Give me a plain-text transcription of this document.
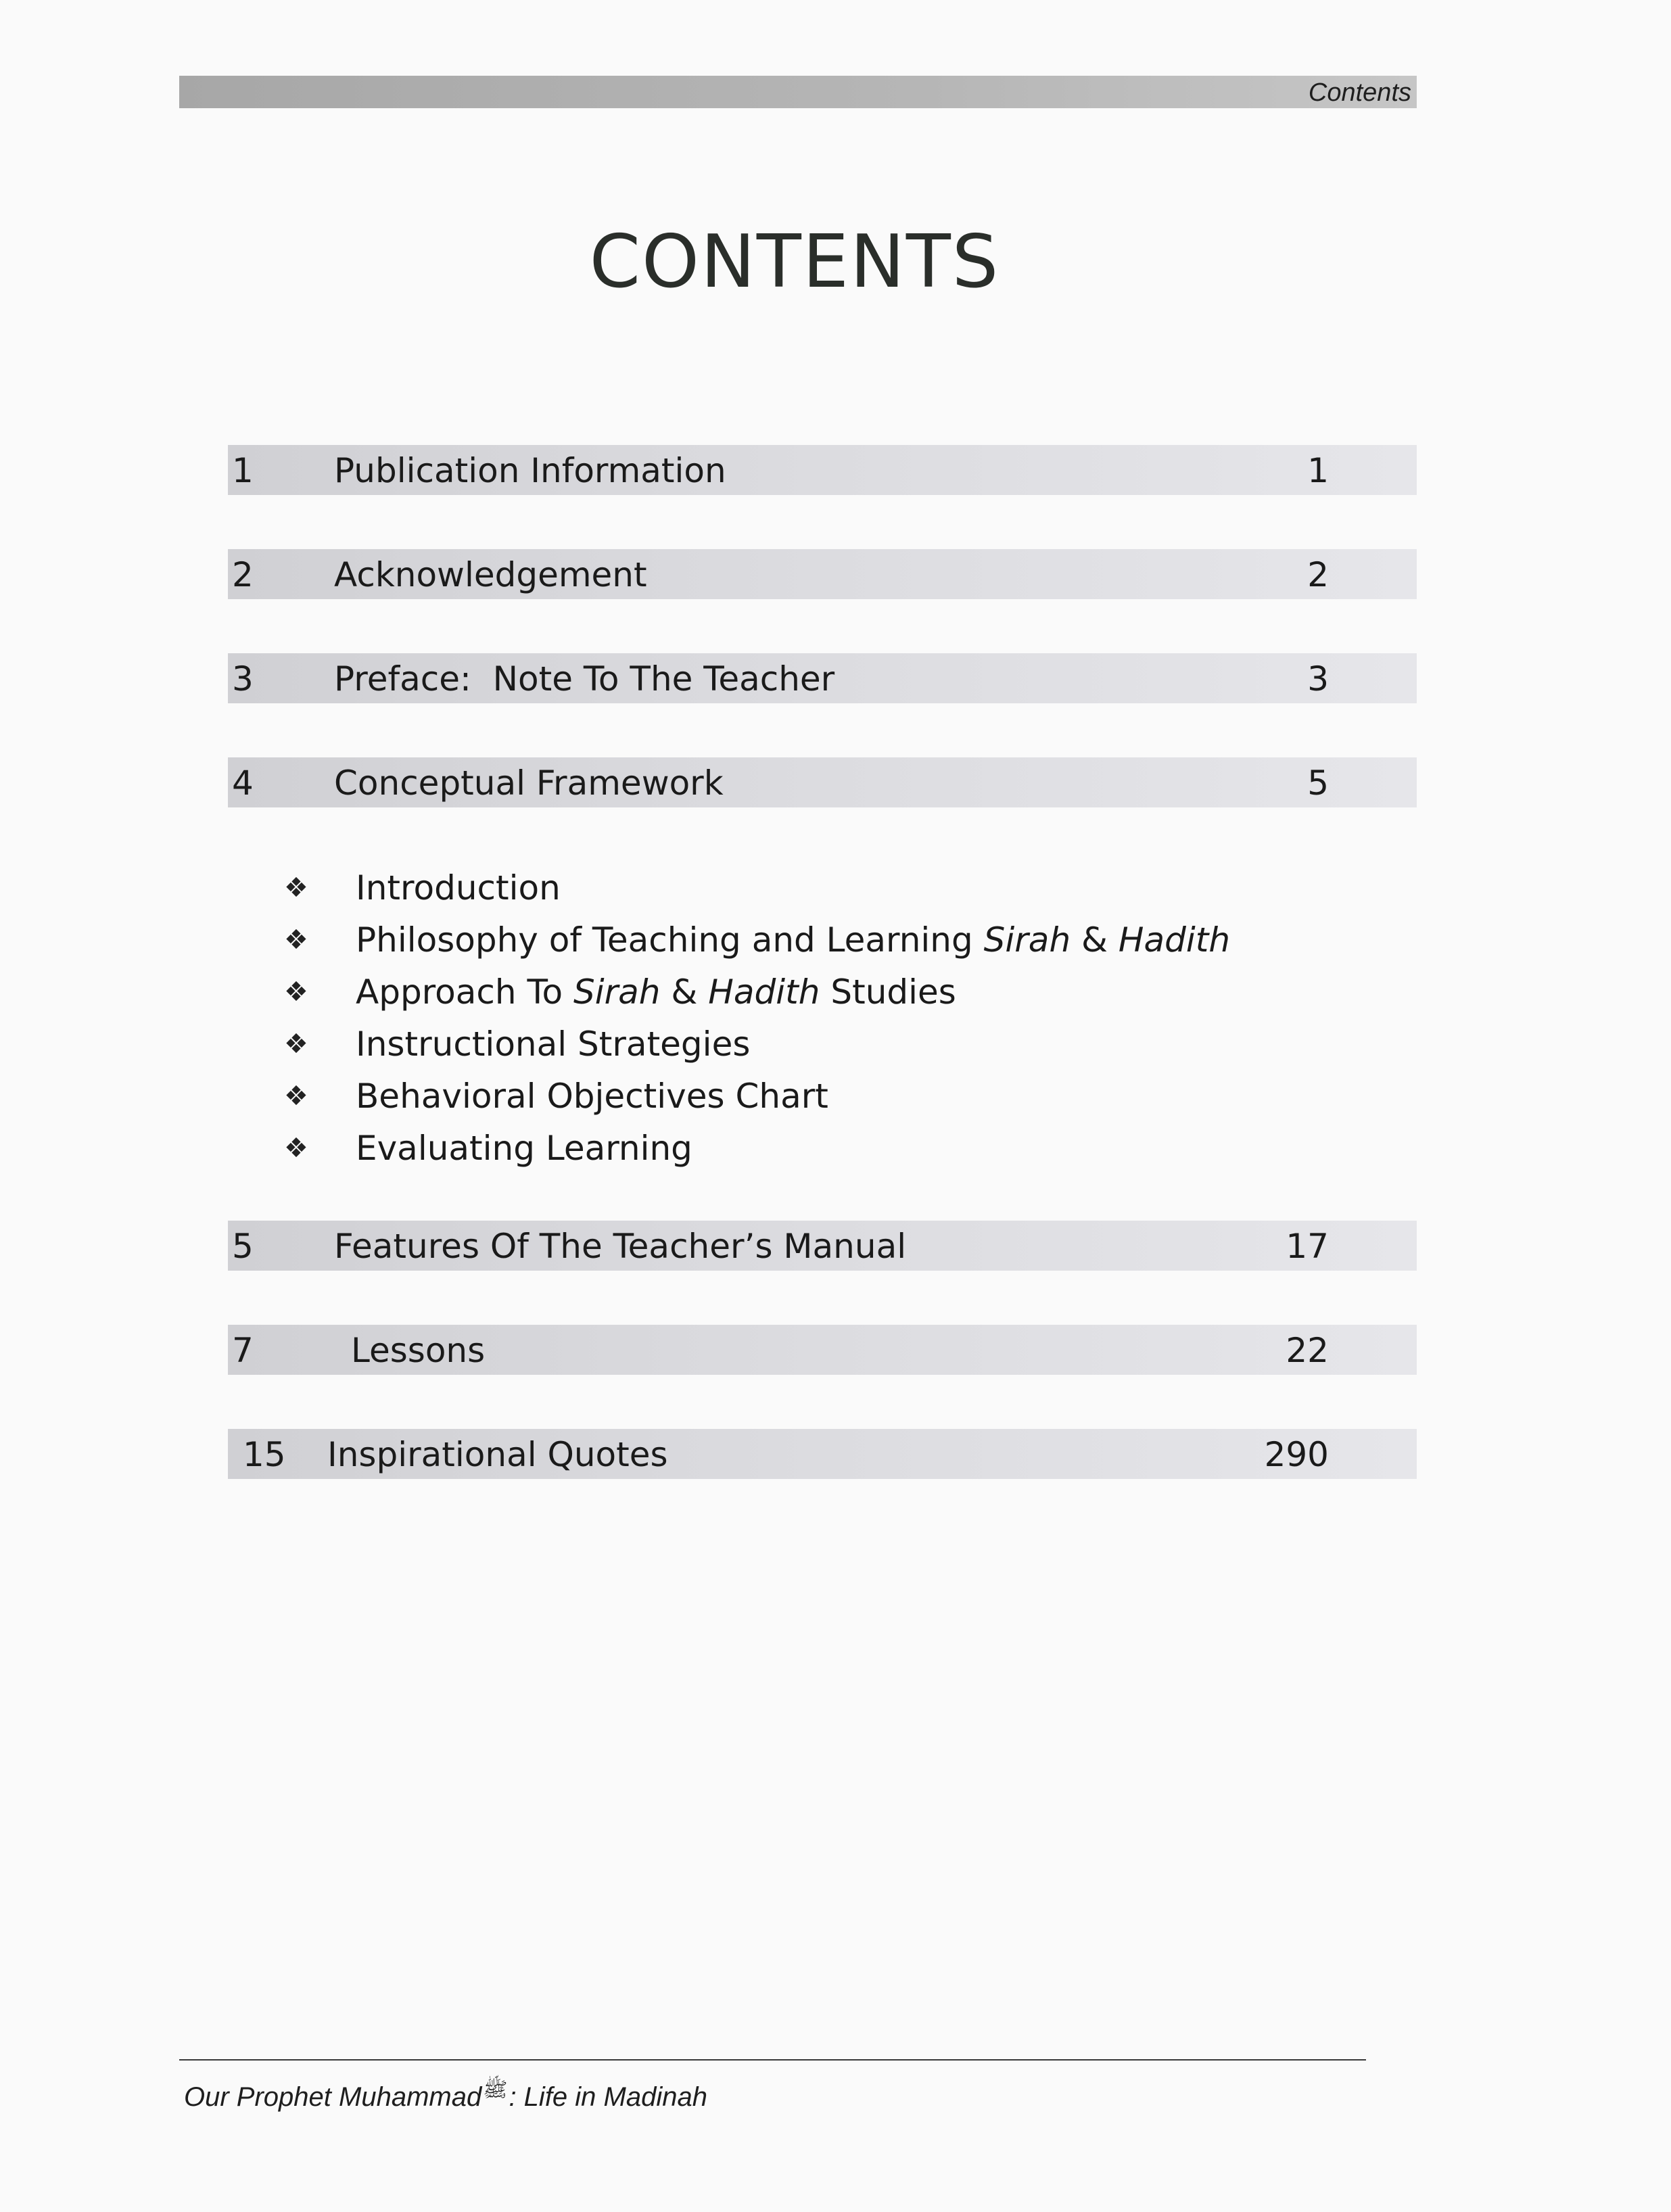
Contents
CONTENTS
1 Publication Information	1
2 Acknowledgement	2
3 Preface:  Note To The Teacher	3
4 Conceptual Framework	5
❖ Introduction
❖ Philosophy of Teaching and Learning Sirah & Hadith
❖ Approach To Sirah & Hadith Studies
❖ Instructional Strategies
❖ Behavioral Objectives Chart
❖ Evaluating Learning
5 Features Of The Teacher’s Manual	17
7	Lessons	22
15 Inspirational Quotes	290
Our Prophet Muhammadﷺ: Life in Madinah
